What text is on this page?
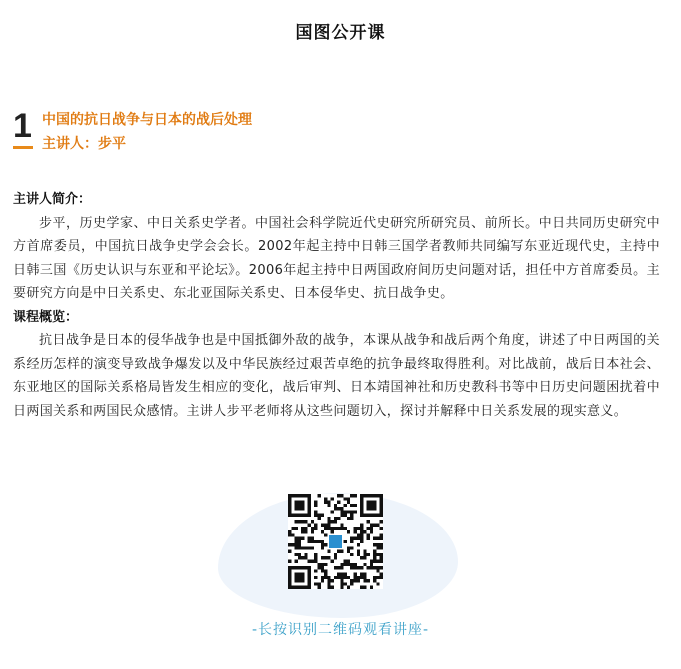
国图公开课
1 中国的抗日战争与日本的战后处理
主讲人：步平

主讲人简介：

步平，历史学家、中日关系史学者。中国社会科学院近代史研究所研究员、前所长。中日共同历史研究中方首席委员，中国抗日战争史学会会长。2002年起主持中日韩三国学者教师共同编写东亚近现代史，主持中日韩三国《历史认识与东亚和平论坛》。2006年起主持中日两国政府间历史问题对话，担任中方首席委员。主要研究方向是中日关系史、东北亚国际关系史、日本侵华史、抗日战争史。

课程概览：

抗日战争是日本的侵华战争也是中国抵御外敌的战争，本课从战争和战后两个角度，讲述了中日两国的关系经历怎样的演变导致战争爆发以及中华民族经过艰苦卓绝的抗争最终取得胜利。对比战前，战后日本社会、东亚地区的国际关系格局皆发生相应的变化，战后审判、日本靖国神社和历史教科书等中日历史问题困扰着中日两国关系和两国民众感情。主讲人步平老师将从这些问题切入，探讨并解释中日关系发展的现实意义。

-长按识别二维码观看讲座-
